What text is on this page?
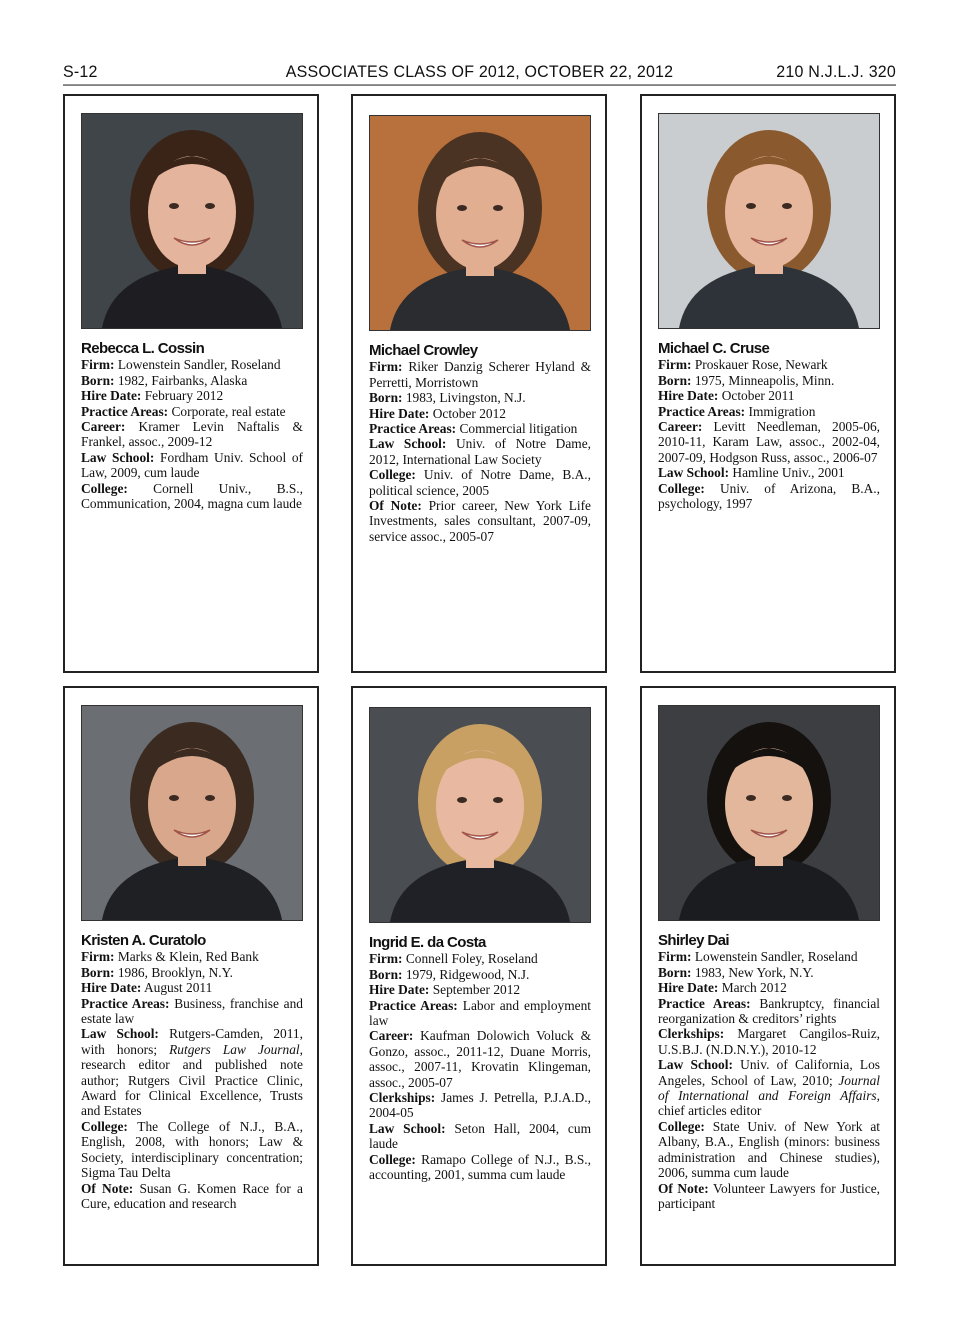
S-12	ASSOCIATES CLASS OF 2012, OCTOBER 22, 2012	210 N.J.L.J. 320
Rebecca L. Cossin

Firm: Lowenstein Sandler, Roseland

Born: 1982, Fairbanks, Alaska

Hire Date: February 2012

Practice Areas: Corporate, real estate

Career: Kramer Levin Naftalis & Frankel, assoc., 2009-12

Law School: Fordham Univ. School of Law, 2009, cum laude

College: Cornell Univ., B.S., Communication, 2004, magna cum laude

Michael Crowley

Firm: Riker Danzig Scherer Hyland & Perretti, Morristown

Born: 1983, Livingston, N.J.

Hire Date: October 2012

Practice Areas: Commercial litigation

Law School: Univ. of Notre Dame, 2012, International Law Society

College: Univ. of Notre Dame, B.A., political science, 2005

Of Note: Prior career, New York Life Investments, sales consultant, 2007-09, service assoc., 2005-07

Michael C. Cruse

Firm: Proskauer Rose, Newark

Born: 1975, Minneapolis, Minn.

Hire Date: October 2011

Practice Areas: Immigration

Career: Levitt Needleman, 2005-06, 2010-11, Karam Law, assoc., 2002-04, 2007-09, Hodgson Russ, assoc., 2006-07

Law School: Hamline Univ., 2001

College: Univ. of Arizona, B.A., psychology, 1997

Kristen A. Curatolo

Firm: Marks & Klein, Red Bank

Born: 1986, Brooklyn, N.Y.

Hire Date: August 2011

Practice Areas: Business, franchise and estate law

Law School: Rutgers-Camden, 2011, with honors; Rutgers Law Journal, research editor and published note author; Rutgers Civil Practice Clinic, Award for Clinical Excellence, Trusts and Estates

College: The College of N.J., B.A., English, 2008, with honors; Law & Society, interdisciplinary concentration; Sigma Tau Delta

Of Note: Susan G. Komen Race for a Cure, education and research

Ingrid E. da Costa

Firm: Connell Foley, Roseland

Born: 1979, Ridgewood, N.J.

Hire Date: September 2012

Practice Areas: Labor and employment law

Career: Kaufman Dolowich Voluck & Gonzo, assoc., 2011-12, Duane Morris, assoc., 2007-11, Krovatin Klingeman, assoc., 2005-07

Clerkships: James J. Petrella, P.J.A.D., 2004-05

Law School: Seton Hall, 2004, cum laude

College: Ramapo College of N.J., B.S., accounting, 2001, summa cum laude

Shirley Dai

Firm: Lowenstein Sandler, Roseland

Born: 1983, New York, N.Y.

Hire Date: March 2012

Practice Areas: Bankruptcy, financial reorganization & creditors’ rights

Clerkships: Margaret Cangilos-Ruiz, U.S.B.J. (N.D.N.Y.), 2010-12

Law School: Univ. of California, Los Angeles, School of Law, 2010; Journal of International and Foreign Affairs, chief articles editor

College: State Univ. of New York at Albany, B.A., English (minors: business administration and Chinese studies), 2006, summa cum laude

Of Note: Volunteer Lawyers for Justice, participant
